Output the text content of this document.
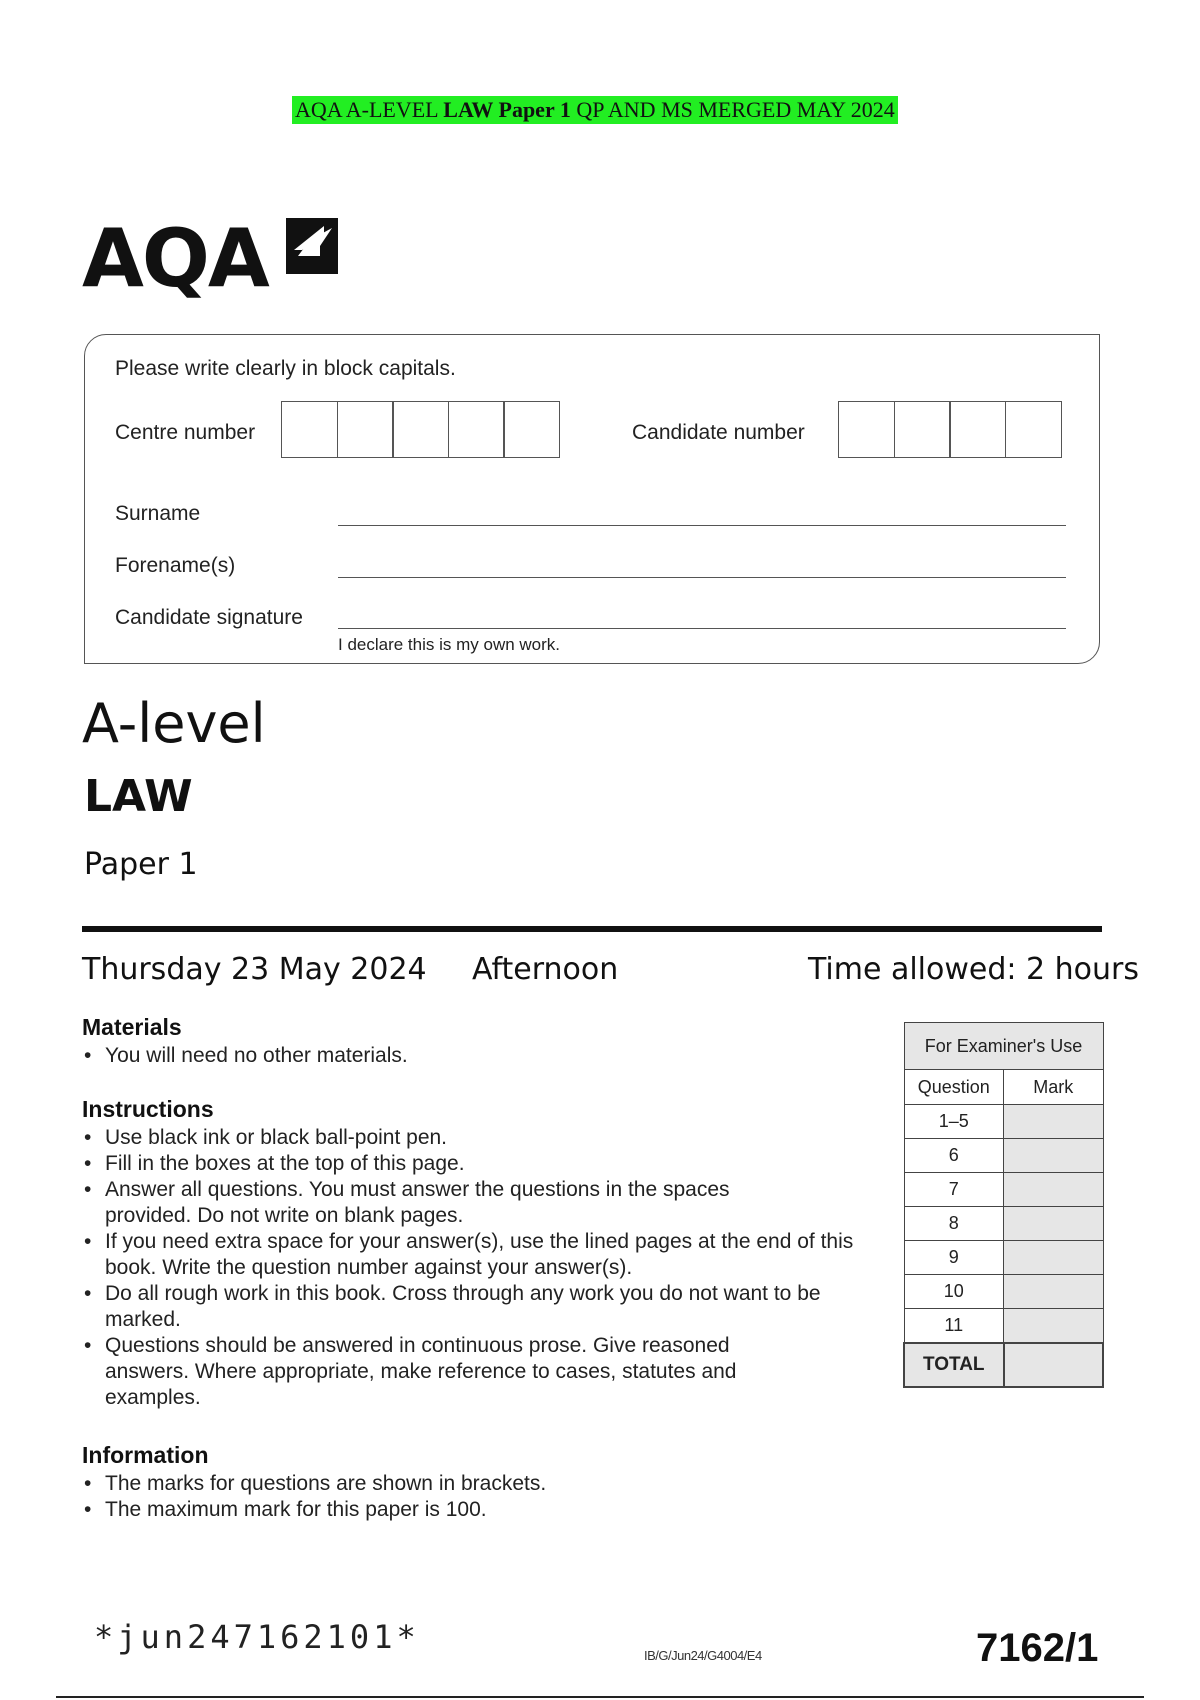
AQA A-LEVEL LAW Paper 1 QP AND MS MERGED MAY 2024
AQA
Please write clearly in block capitals.
Centre number	Candidate number
Surname
Forename(s)
Candidate signature
I declare this is my own work.
A-level
LAW
Paper 1
Thursday 23 May 2024 Afternoon	Time allowed: 2 hours
Materials
• You will need no other materials.
Instructions
• Use black ink or black ball-point pen.
• Fill in the boxes at the top of this page.
• Answer all questions. You must answer the questions in the spaces provided. Do not write on blank pages.
• If you need extra space for your answer(s), use the lined pages at the end of this book. Write the question number against your answer(s).
• Do all rough work in this book. Cross through any work you do not want to be marked.
• Questions should be answered in continuous prose. Give reasoned answers. Where appropriate, make reference to cases, statutes and examples.
Information
• The marks for questions are shown in brackets.
• The maximum mark for this paper is 100.
For Examiner's Use	
Question	Mark
1–5	
6	
7	
8	
9	
10	
11	
TOTAL	
*jun247162101*	IB/G/Jun24/G4004/E4	7162/1
